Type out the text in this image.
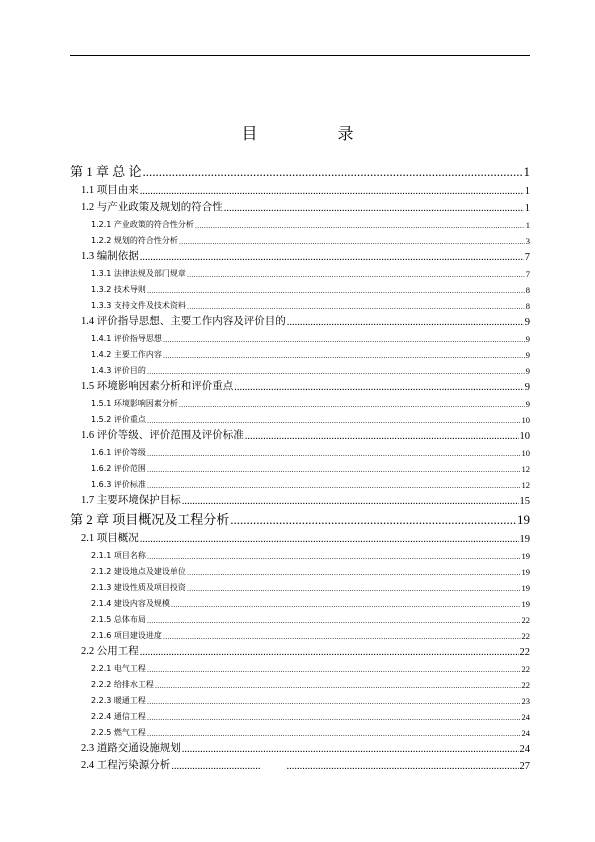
目 录
第 1 章 总 论 .....	1
1.1 项目由来 .....	1
1.2 与产业政策及规划的符合性 .....	1
1.2.1 产业政策的符合性分析 .....	1
1.2.2 规划的符合性分析 .....	3
1.3 编制依据 .....	7
1.3.1 法律法规及部门规章 .....	7
1.3.2 技术导则 .....	8
1.3.3 支持文件及技术资料 .....	8
1.4 评价指导思想、主要工作内容及评价目的 .....	9
1.4.1 评价指导思想 .....	9
1.4.2 主要工作内容 .....	9
1.4.3 评价目的 .....	9
1.5 环境影响因素分析和评价重点 .....	9
1.5.1 环境影响因素分析 .....	9
1.5.2 评价重点 .....	10
1.6 评价等级、评价范围及评价标准 .....	10
1.6.1 评价等级 .....	10
1.6.2 评价范围 .....	12
1.6.3 评价标准 .....	12
1.7 主要环境保护目标 .....	15
第 2 章 项目概况及工程分析 .....	19
2.1 项目概况 .....	19
2.1.1 项目名称 .....	19
2.1.2 建设地点及建设单位 .....	19
2.1.3 建设性质及项目投资 .....	19
2.1.4 建设内容及规模 .....	19
2.1.5 总体布局 .....	22
2.1.6 项目建设进度 .....	22
2.2 公用工程 .....	22
2.2.1 电气工程 .....	22
2.2.2 给排水工程 .....	22
2.2.3 暖通工程 .....	23
2.2.4 通信工程 .....	24
2.2.5 燃气工程 .....	24
2.3 道路交通设施规划 .....	24
2.4 工程污染源分析 ..... .....	27
